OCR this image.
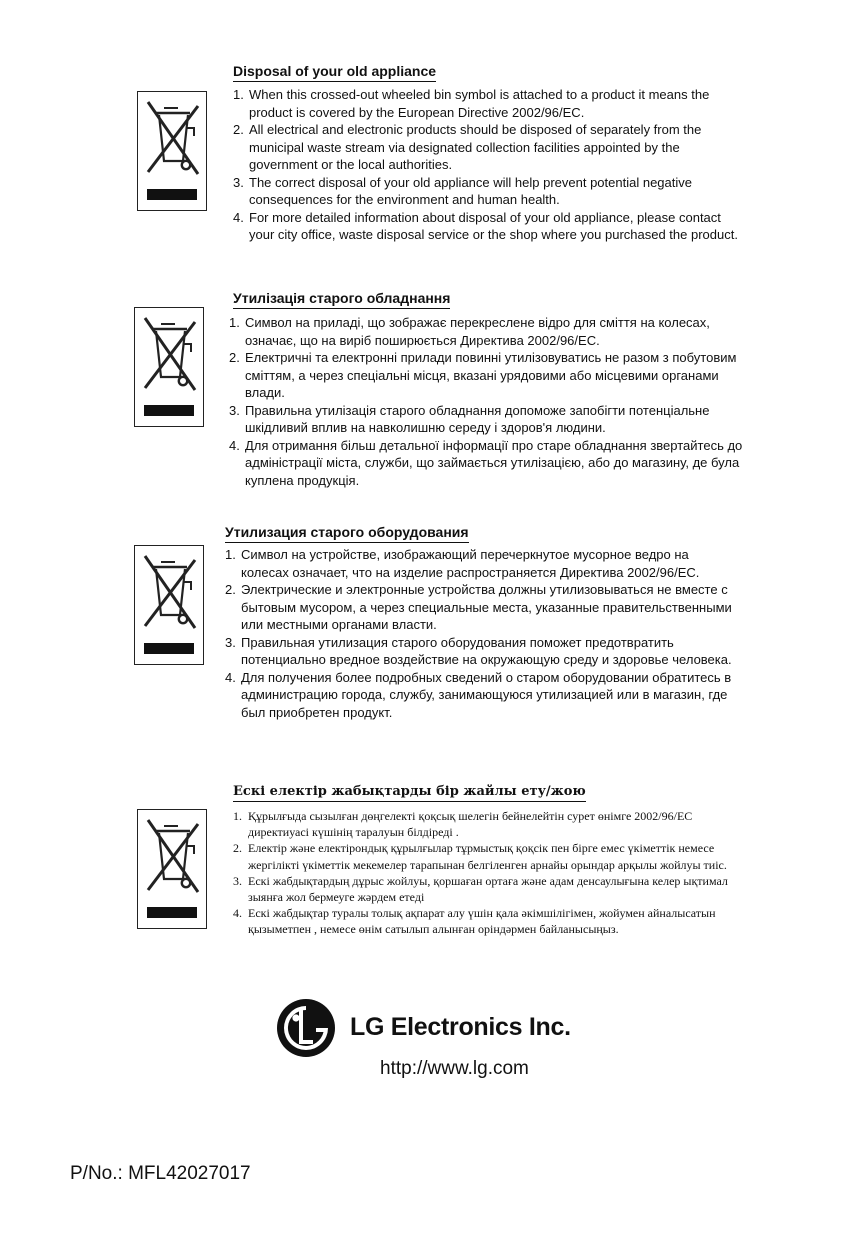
Disposal of your old appliance
1. When this crossed-out wheeled bin symbol is attached to a product it means the product is covered by the European Directive 2002/96/EC.
2. All electrical and electronic products should be disposed of separately from the municipal waste stream via designated collection facilities appointed by the government or the local authorities.
3. The correct disposal of your old appliance will help prevent potential negative consequences for the environment and human health.
4. For more detailed information about disposal of your old appliance, please contact your city office, waste disposal service or the shop where you purchased the product.
Утилізація старого обладнання
1. Символ на приладі, що зображає перекреслене відро для сміття на колесах, означає, що на виріб поширюється Директива 2002/96/EC.
2. Електричні та електронні прилади повинні утилізовуватись не разом з побутовим сміттям, а через спеціальні місця, вказані урядовими або місцевими органами влади.
3. Правильна утилізація старого обладнання допоможе запобігти потенціальне шкідливий вплив на навколишню середу і здоров'я людини.
4. Для отримання більш детальної інформації про старе обладнання звертайтесь до адміністрації міста, служби, що займається утилізацією, або до магазину, де була куплена продукція.
Утилизация старого оборудования
1. Символ на устройстве, изображающий перечеркнутое мусорное ведро на колесах означает, что на изделие распространяется Директива 2002/96/EC.
2. Электрические и электронные устройства должны утилизовываться не вместе с бытовым мусором, а через специальные места, указанные правительственными или местными органами власти.
3. Правильная утилизация старого оборудования поможет предотвратить потенциально вредное воздействие на окружающую среду и здоровье человека.
4. Для получения более подробных сведений о старом оборудовании обратитесь в администрацию города, службу, занимающуюся утилизацией или в магазин, где был приобретен продукт.
Ескі електір жабықтарды бір жайлы ету/жою
1. Құрылғыда сызылған дөңгелекті қоқсық шелегін бейнелейтін сурет өнімге 2002/96/EC директиуасі күшінің таралуын білдіреді .
2. Електір және електірондық құрылғылар тұрмыстық қоқсік пен бірге емес үкіметтік немесе жергілікті үкіметтік мекемелер тарапынан белгіленген арнайы орындар арқылы жойлуы тиіс.
3. Ескі жабдықтардың дұрыс жойлуы, қоршаған ортаға және адам денсаулығына келер ықтимал зыянға жол бермеуге жәрдем етеді
4. Ескі жабдықтар туралы толық ақпарат алу үшін қала әкімшілігімен, жойумен айналысатын қызыметпен , немесе өнім сатылып алынған оріндәрмен байланысыңыз.
LG Electronics Inc.
http://www.lg.com
P/No.: MFL42027017
